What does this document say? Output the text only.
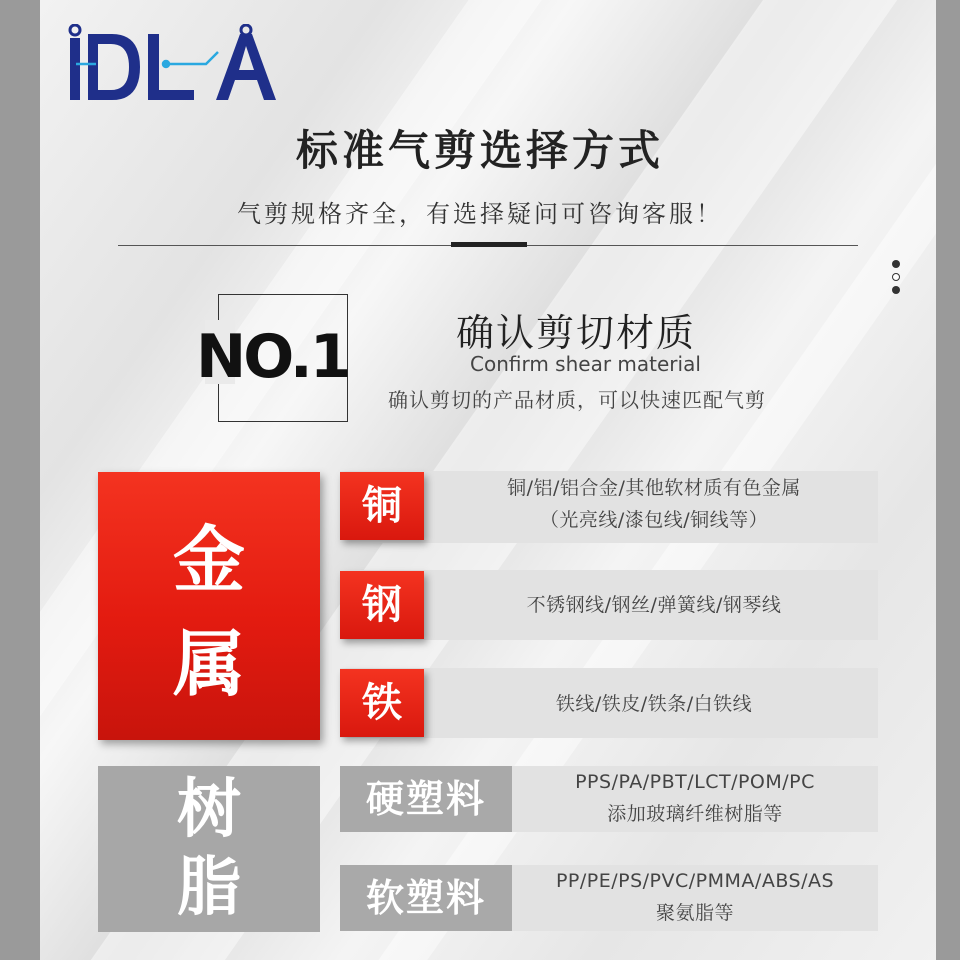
标准气剪选择方式
气剪规格齐全，有选择疑问可咨询客服！
NO.1	确认剪切材质
Confirm shear material
确认剪切的产品材质，可以快速匹配气剪
金
属
铜	铜/铝/铝合金/其他软材质有色金属
（光亮线/漆包线/铜线等）
钢	不锈钢线/钢丝/弹簧线/钢琴线
铁	铁线/铁皮/铁条/白铁线
树
脂
硬塑料	PPS/PA/PBT/LCT/POM/PC
添加玻璃纤维树脂等
软塑料	PP/PE/PS/PVC/PMMA/ABS/AS
聚氨脂等
